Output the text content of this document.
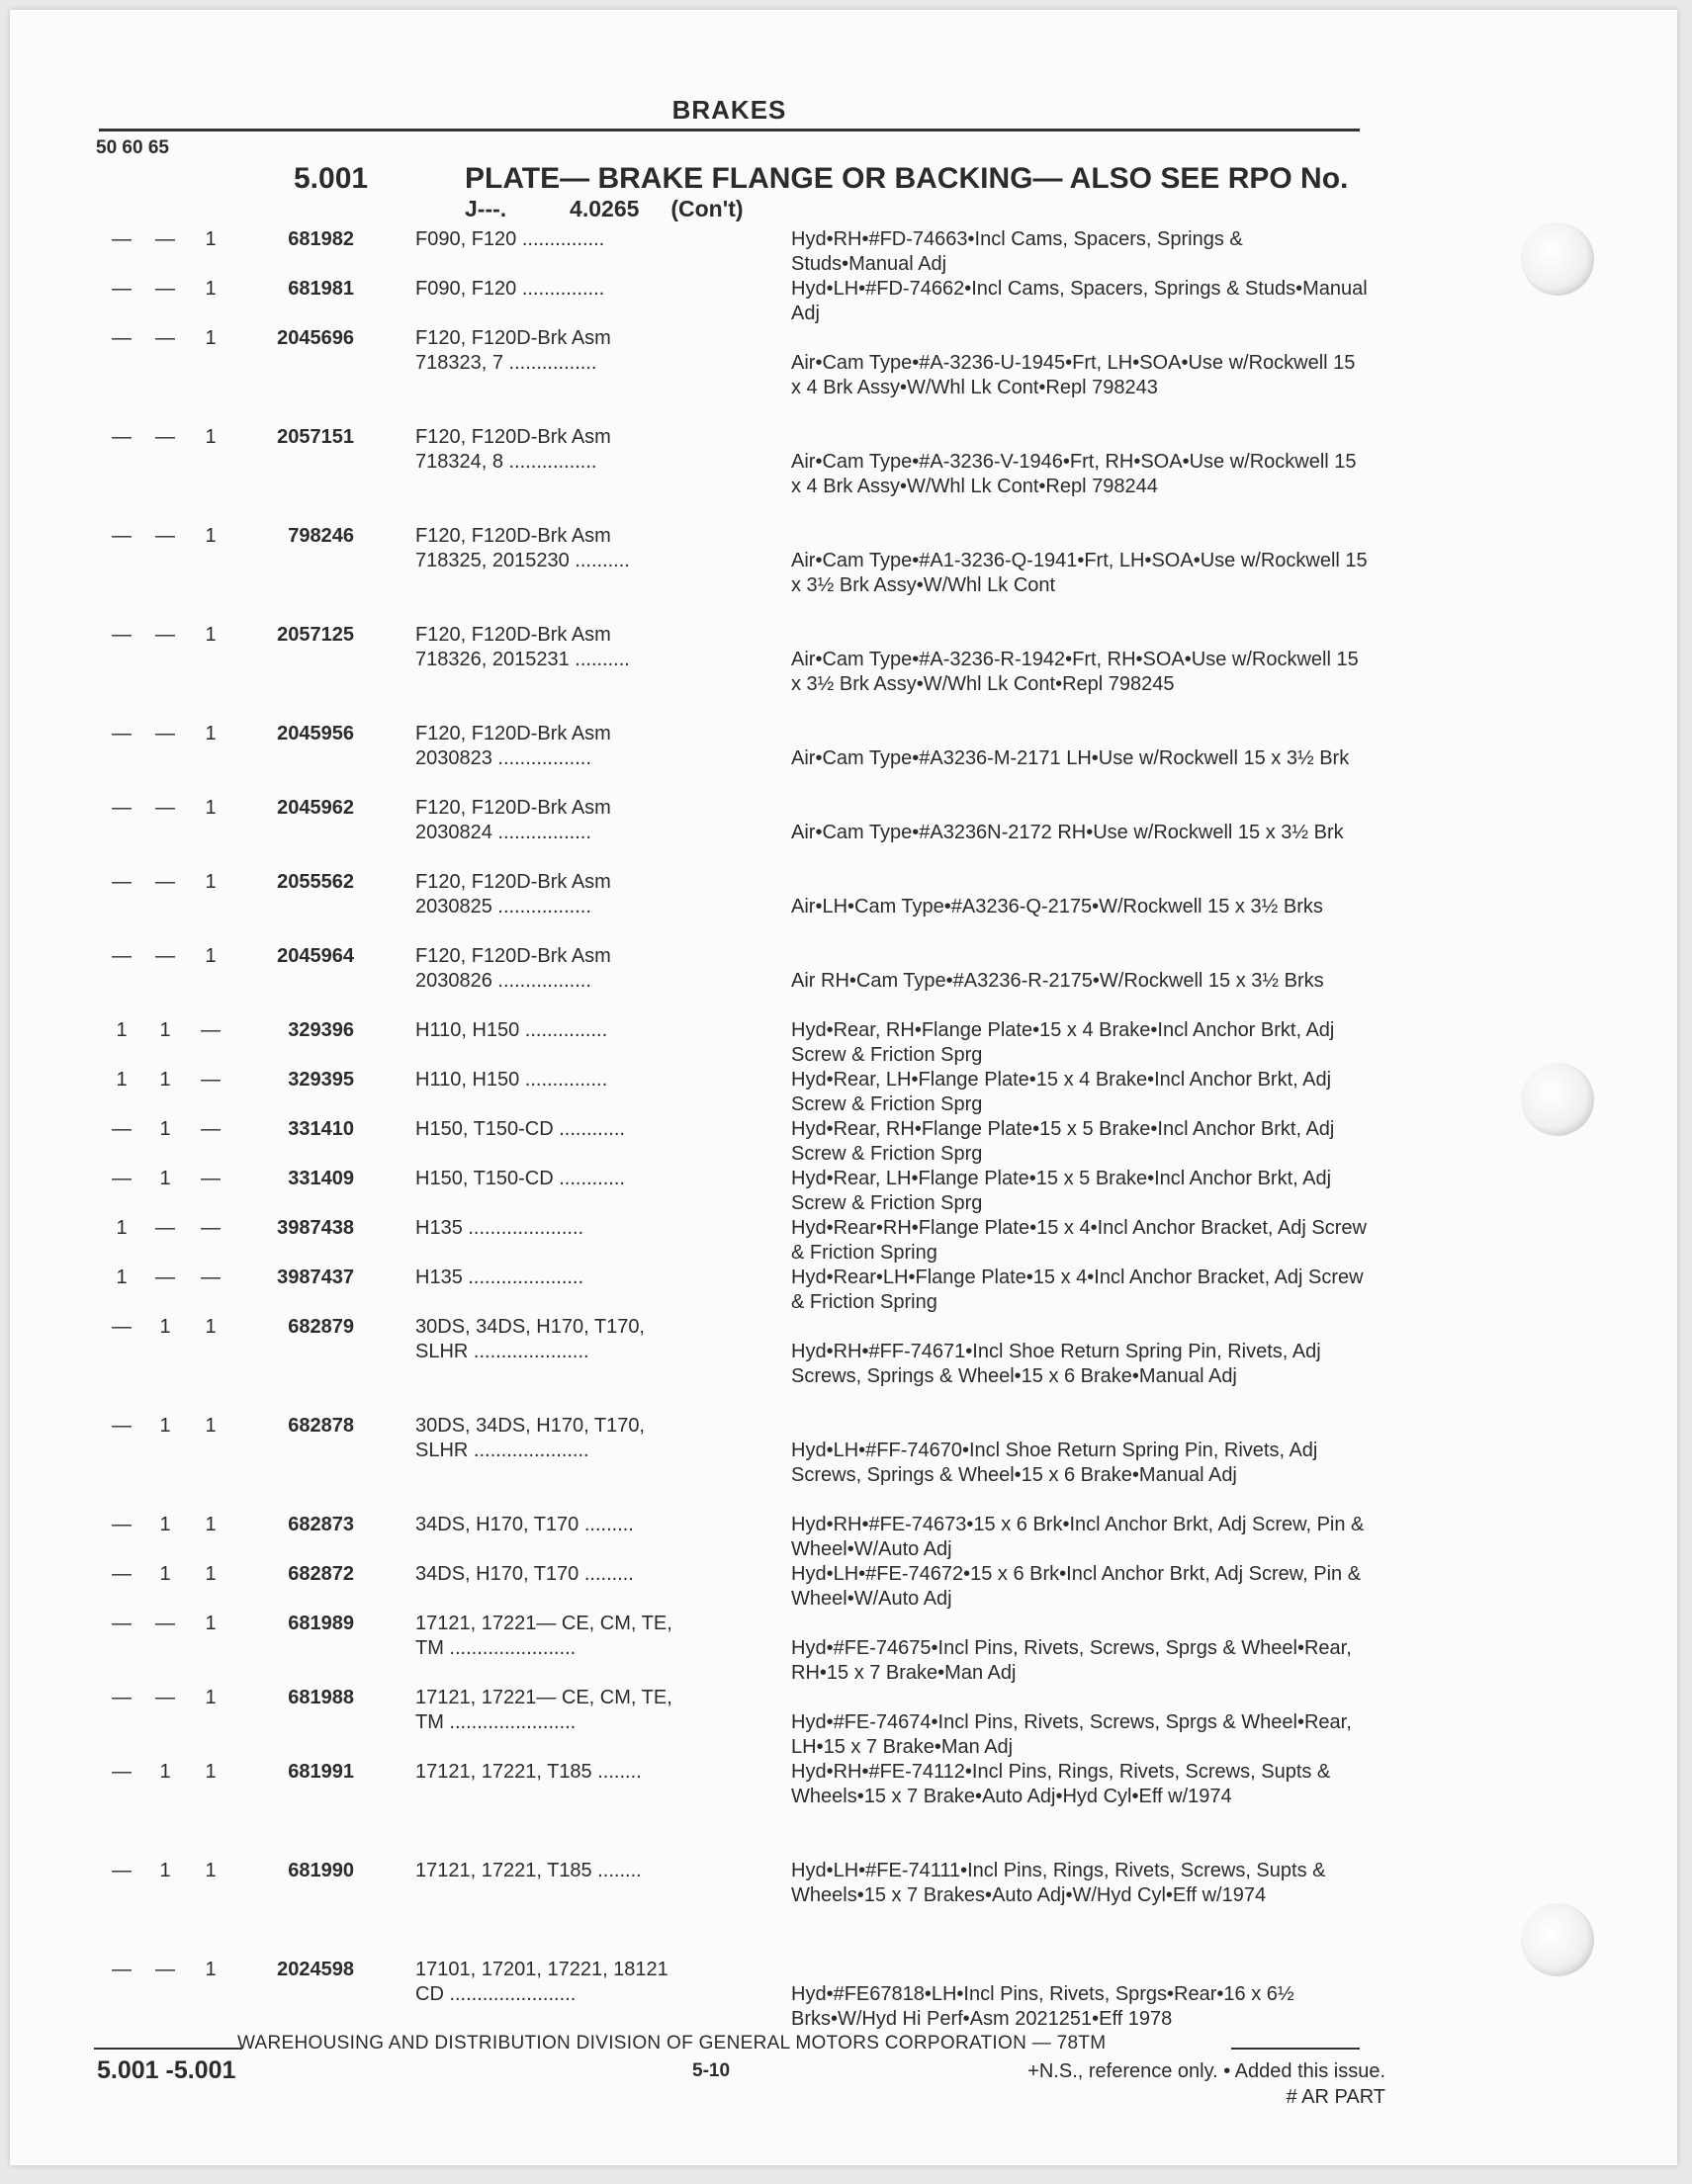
BRAKES
50 60 65
5.001	PLATE— BRAKE FLANGE OR BACKING— ALSO SEE RPO No.
J---.          4.0265     (Con't)
— — 1	681982	F090, F120 ...............	Hyd•RH•#FD-74663•Incl Cams, Spacers, Springs & Studs•Manual Adj
— — 1	681981	F090, F120 ...............	Hyd•LH•#FD-74662•Incl Cams, Spacers, Springs & Studs•Manual Adj
— — 1	2045696	F120, F120D-Brk Asm
718323, 7 ................	Air•Cam Type•#A-3236-U-1945•Frt, LH•SOA•Use w/Rockwell 15 x 4 Brk Assy•W/Whl Lk Cont•Repl 798243
— — 1	2057151	F120, F120D-Brk Asm
718324, 8 ................	Air•Cam Type•#A-3236-V-1946•Frt, RH•SOA•Use w/Rockwell 15 x 4 Brk Assy•W/Whl Lk Cont•Repl 798244
— — 1	798246	F120, F120D-Brk Asm
718325, 2015230 ..........	Air•Cam Type•#A1-3236-Q-1941•Frt, LH•SOA•Use w/Rockwell 15 x 3½ Brk Assy•W/Whl Lk Cont
— — 1	2057125	F120, F120D-Brk Asm
718326, 2015231 ..........	Air•Cam Type•#A-3236-R-1942•Frt, RH•SOA•Use w/Rockwell 15 x 3½ Brk Assy•W/Whl Lk Cont•Repl 798245
— — 1	2045956	F120, F120D-Brk Asm
2030823 .................	Air•Cam Type•#A3236-M-2171 LH•Use w/Rockwell 15 x 3½ Brk
— — 1	2045962	F120, F120D-Brk Asm
2030824 .................	Air•Cam Type•#A3236N-2172 RH•Use w/Rockwell 15 x 3½ Brk
— — 1	2055562	F120, F120D-Brk Asm
2030825 .................	Air•LH•Cam Type•#A3236-Q-2175•W/Rockwell 15 x 3½ Brks
— — 1	2045964	F120, F120D-Brk Asm
2030826 .................	Air RH•Cam Type•#A3236-R-2175•W/Rockwell 15 x 3½ Brks
1 1 —	329396	H110, H150 ...............	Hyd•Rear, RH•Flange Plate•15 x 4 Brake•Incl Anchor Brkt, Adj Screw & Friction Sprg
1 1 —	329395	H110, H150 ...............	Hyd•Rear, LH•Flange Plate•15 x 4 Brake•Incl Anchor Brkt, Adj Screw & Friction Sprg
— 1 —	331410	H150, T150-CD ............	Hyd•Rear, RH•Flange Plate•15 x 5 Brake•Incl Anchor Brkt, Adj Screw & Friction Sprg
— 1 —	331409	H150, T150-CD ............	Hyd•Rear, LH•Flange Plate•15 x 5 Brake•Incl Anchor Brkt, Adj Screw & Friction Sprg
1 — —	3987438	H135 .....................	Hyd•Rear•RH•Flange Plate•15 x 4•Incl Anchor Bracket, Adj Screw & Friction Spring
1 — —	3987437	H135 .....................	Hyd•Rear•LH•Flange Plate•15 x 4•Incl Anchor Bracket, Adj Screw & Friction Spring
— 1 1	682879	30DS, 34DS, H170, T170,
SLHR .....................	Hyd•RH•#FF-74671•Incl Shoe Return Spring Pin, Rivets, Adj Screws, Springs & Wheel•15 x 6 Brake•Manual Adj
— 1 1	682878	30DS, 34DS, H170, T170,
SLHR .....................	Hyd•LH•#FF-74670•Incl Shoe Return Spring Pin, Rivets, Adj Screws, Springs & Wheel•15 x 6 Brake•Manual Adj
— 1 1	682873	34DS, H170, T170 .........	Hyd•RH•#FE-74673•15 x 6 Brk•Incl Anchor Brkt, Adj Screw, Pin & Wheel•W/Auto Adj
— 1 1	682872	34DS, H170, T170 .........	Hyd•LH•#FE-74672•15 x 6 Brk•Incl Anchor Brkt, Adj Screw, Pin & Wheel•W/Auto Adj
— — 1	681989	17121, 17221— CE, CM, TE,
TM .......................	Hyd•#FE-74675•Incl Pins, Rivets, Screws, Sprgs & Wheel•Rear, RH•15 x 7 Brake•Man Adj
— — 1	681988	17121, 17221— CE, CM, TE,
TM .......................	Hyd•#FE-74674•Incl Pins, Rivets, Screws, Sprgs & Wheel•Rear, LH•15 x 7 Brake•Man Adj
— 1 1	681991	17121, 17221, T185 ........	Hyd•RH•#FE-74112•Incl Pins, Rings, Rivets, Screws, Supts & Wheels•15 x 7 Brake•Auto Adj•Hyd Cyl•Eff w/1974
— 1 1	681990	17121, 17221, T185 ........	Hyd•LH•#FE-74111•Incl Pins, Rings, Rivets, Screws, Supts & Wheels•15 x 7 Brakes•Auto Adj•W/Hyd Cyl•Eff w/1974
— — 1	2024598	17101, 17201, 17221, 18121
CD .......................	Hyd•#FE67818•LH•Incl Pins, Rivets, Sprgs•Rear•16 x 6½ Brks•W/Hyd Hi Perf•Asm 2021251•Eff 1978
WAREHOUSING AND DISTRIBUTION DIVISION OF GENERAL MOTORS CORPORATION — 78TM
5.001 -5.001	5-10	+N.S., reference only. • Added this issue.
# AR PART
